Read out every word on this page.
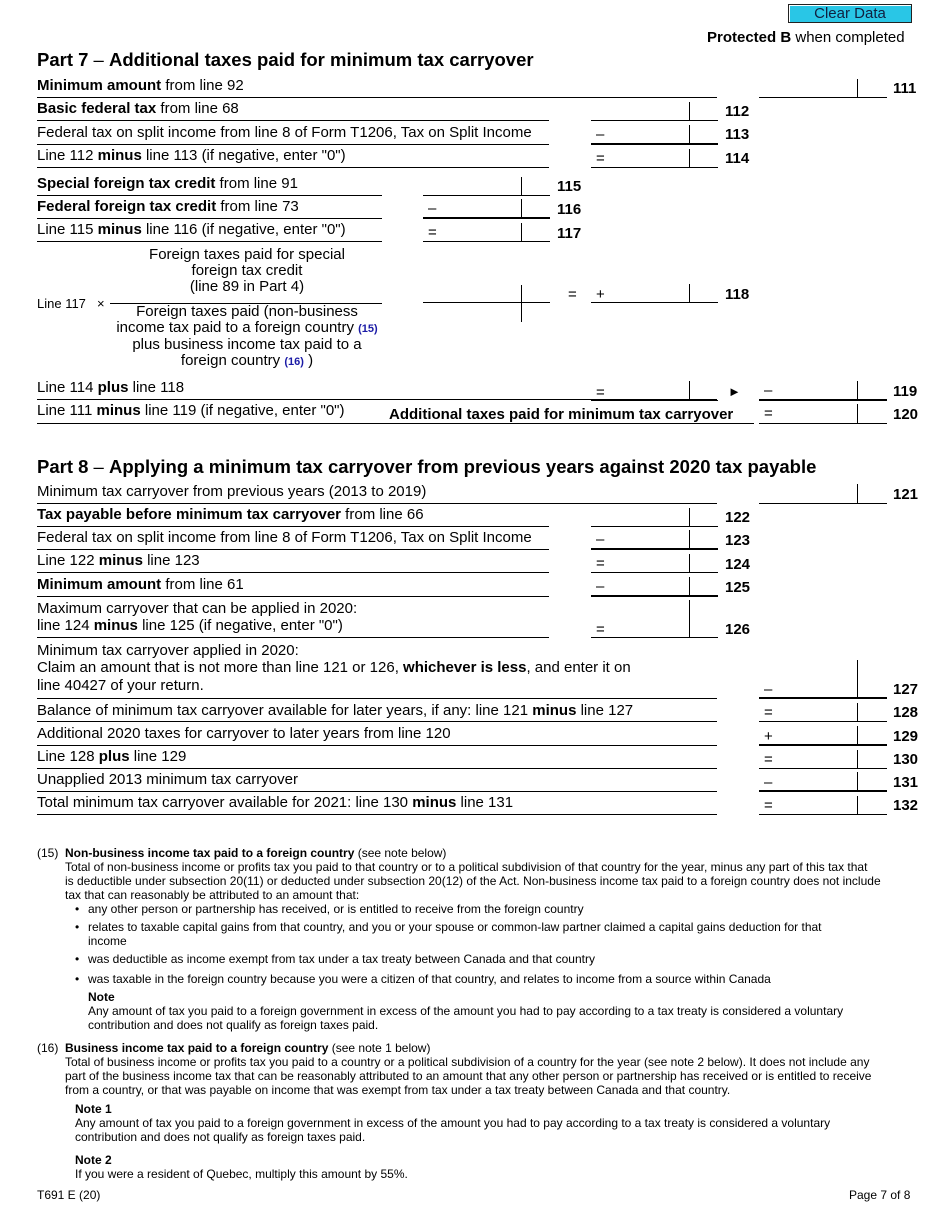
Clear Data
Protected B when completed
Part 7 – Additional taxes paid for minimum tax carryover
Minimum amount from line 92	111
Basic federal tax from line 68	112
Federal tax on split income from line 8 of Form T1206, Tax on Split Income	–	113
Line 112 minus line 113 (if negative, enter "0")	=	114
Special foreign tax credit from line 91	115
Federal foreign tax credit from line 73	–	116
Line 115 minus line 116 (if negative, enter "0")	=	117
Line 117 ×
Foreign taxes paid for special
foreign tax credit
(line 89 in Part 4)
Foreign taxes paid (non-business
income tax paid to a foreign country (15)
plus business income tax paid to a
foreign country (16) )
= +	118
Line 114 plus line 118	=	► –	119
Line 111 minus line 119 (if negative, enter "0")	Additional taxes paid for minimum tax carryover =	120
Part 8 – Applying a minimum tax carryover from previous years against 2020 tax payable
Minimum tax carryover from previous years (2013 to 2019)	121
Tax payable before minimum tax carryover from line 66	122
Federal tax on split income from line 8 of Form T1206, Tax on Split Income	–	123
Line 122 minus line 123	=	124
Minimum amount from line 61	–	125
Maximum carryover that can be applied in 2020:
line 124 minus line 125 (if negative, enter "0")	=	126
Minimum tax carryover applied in 2020:
Claim an amount that is not more than line 121 or 126, whichever is less, and enter it on
line 40427 of your return.	–	127
Balance of minimum tax carryover available for later years, if any: line 121 minus line 127	=	128
Additional 2020 taxes for carryover to later years from line 120	+	129
Line 128 plus line 129	=	130
Unapplied 2013 minimum tax carryover	–	131
Total minimum tax carryover available for 2021: line 130 minus line 131	=	132
(15) Non-business income tax paid to a foreign country (see note below)
Total of non-business income or profits tax you paid to that country or to a political subdivision of that country for the year, minus any part of this tax that
is deductible under subsection 20(11) or deducted under subsection 20(12) of the Act. Non-business income tax paid to a foreign country does not include
tax that can reasonably be attributed to an amount that:
• any other person or partnership has received, or is entitled to receive from the foreign country
• relates to taxable capital gains from that country, and you or your spouse or common-law partner claimed a capital gains deduction for that
income
• was deductible as income exempt from tax under a tax treaty between Canada and that country
• was taxable in the foreign country because you were a citizen of that country, and relates to income from a source within Canada
Note
Any amount of tax you paid to a foreign government in excess of the amount you had to pay according to a tax treaty is considered a voluntary
contribution and does not qualify as foreign taxes paid.
(16) Business income tax paid to a foreign country (see note 1 below)
Total of business income or profits tax you paid to a country or a political subdivision of a country for the year (see note 2 below). It does not include any
part of the business income tax that can be reasonably attributed to an amount that any other person or partnership has received or is entitled to receive
from a country, or that was payable on income that was exempt from tax under a tax treaty between Canada and that country.
Note 1
Any amount of tax you paid to a foreign government in excess of the amount you had to pay according to a tax treaty is considered a voluntary
contribution and does not qualify as foreign taxes paid.
Note 2
If you were a resident of Quebec, multiply this amount by 55%.
T691 E (20)	Page 7 of 8
